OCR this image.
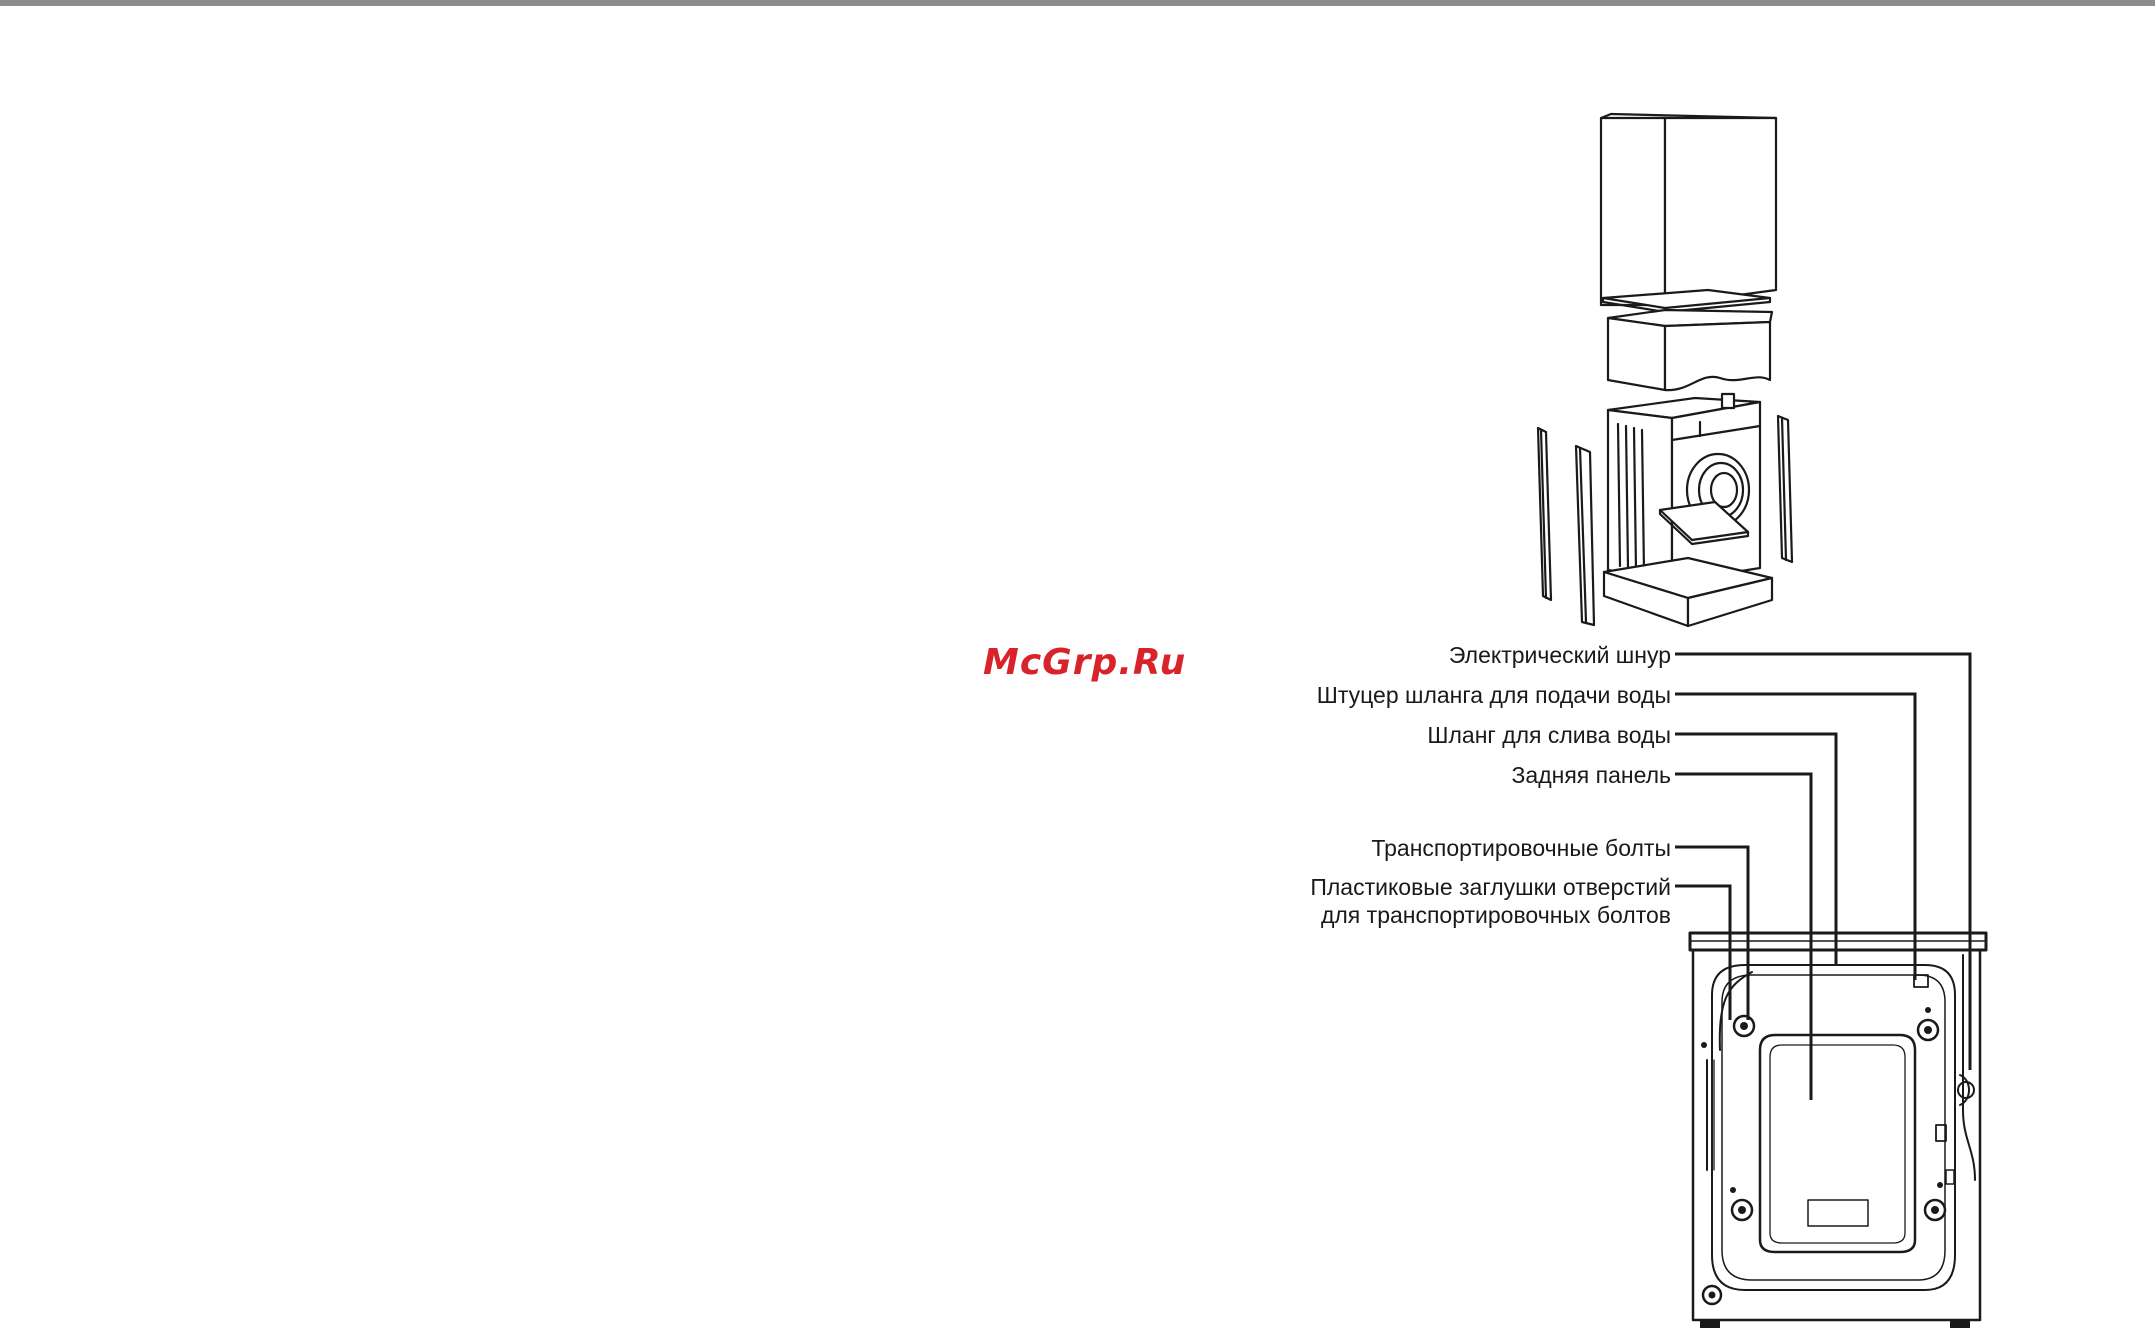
McGrp.Ru	Электрический шнур
Штуцер шланга для подачи воды
Шланг для слива воды
Задняя панель
Транспортировочные болты
Пластиковые заглушки отверстий
для транспортировочных болтов
